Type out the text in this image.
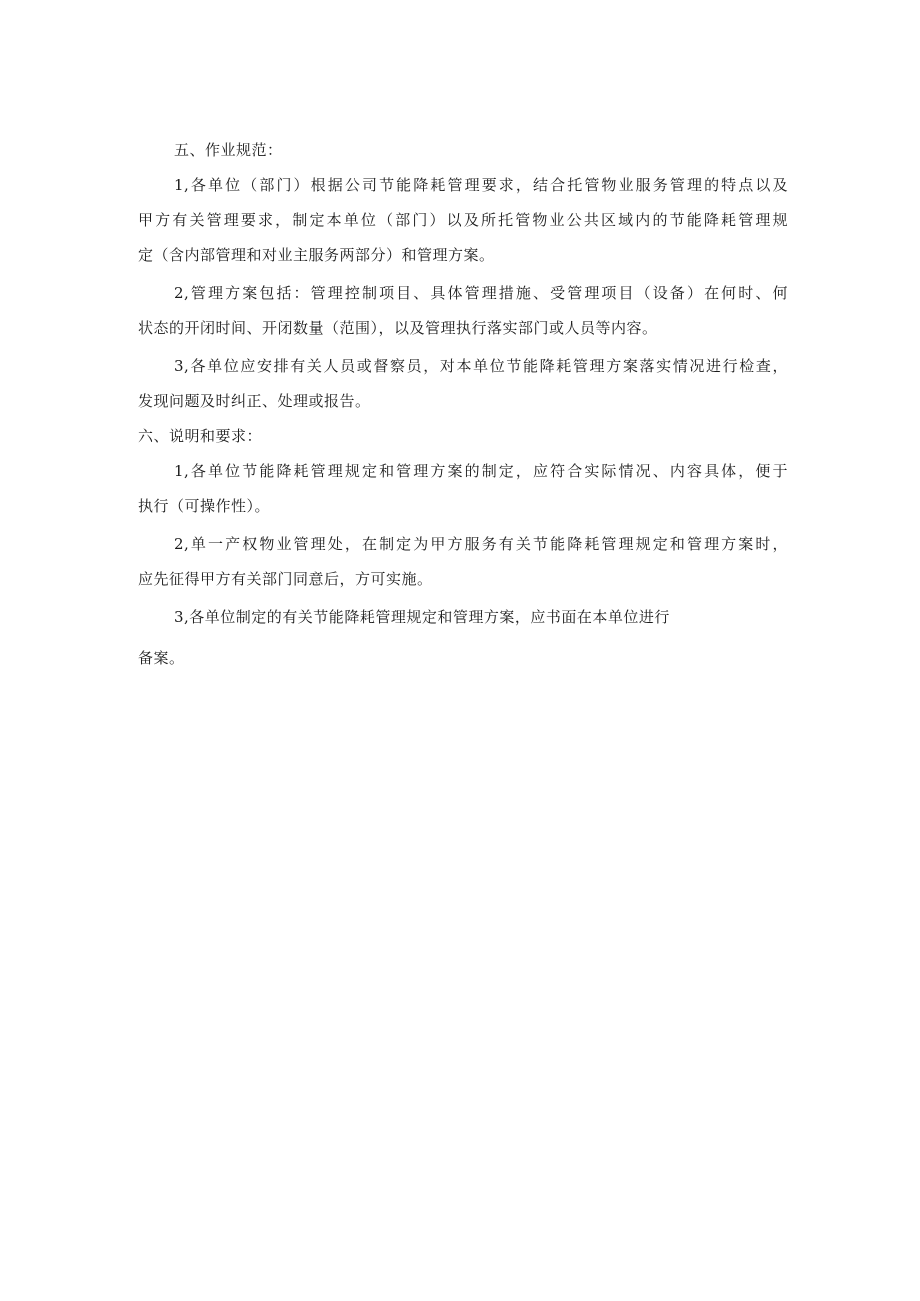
五、作业规范：
1,各单位（部门）根据公司节能降耗管理要求，结合托管物业服务管理的特点以及
甲方有关管理要求，制定本单位（部门）以及所托管物业公共区域内的节能降耗管理规
定（含内部管理和对业主服务两部分）和管理方案。
2,管理方案包括：管理控制项目、具体管理措施、受管理项目（设备）在何时、何
状态的开闭时间、开闭数量（范围），以及管理执行落实部门或人员等内容。
3,各单位应安排有关人员或督察员，对本单位节能降耗管理方案落实情况进行检查，
发现问题及时纠正、处理或报告。
六、说明和要求：
1,各单位节能降耗管理规定和管理方案的制定，应符合实际情况、内容具体，便于
执行（可操作性）。
2,单一产权物业管理处，在制定为甲方服务有关节能降耗管理规定和管理方案时，
应先征得甲方有关部门同意后，方可实施。
3,各单位制定的有关节能降耗管理规定和管理方案，应书面在本单位进行
备案。
